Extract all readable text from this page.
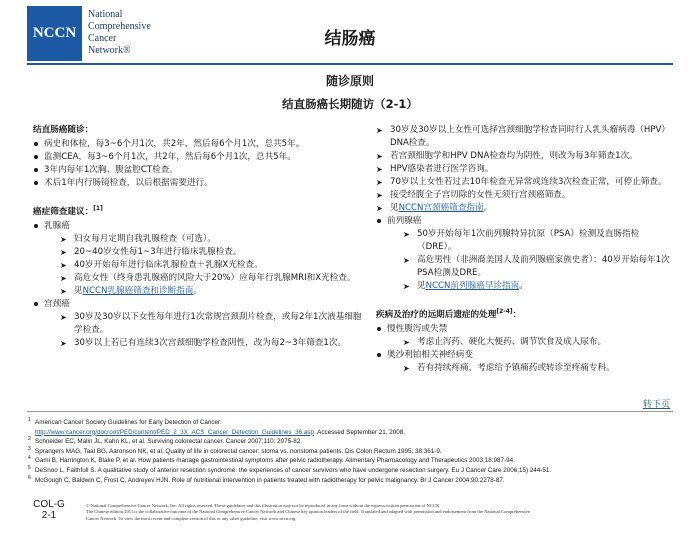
NCCN
National
Comprehensive
Cancer
Network®
结肠癌
随诊原则
结直肠癌长期随访（2-1）
结直肠癌随诊：
病史和体检，每3~6个月1次，共2年，然后每6个月1次，总共5年。
监测CEA，每3~6个月1次，共2年，然后每6个月1次，总共5年。
3年内每年1次胸、腹盆腔CT检查。
术后1年内行肠镜检查，以后根据需要进行。
癌症筛查建议：[1]
乳腺癌
➤ 妇女每月定期自我乳腺检查（可选）。
➤ 20~40岁女性每1~3年进行临床乳腺检查。
➤ 40岁开始每年进行临床乳腺检查＋乳腺X光检查。
➤ 高危女性（终身患乳腺癌的风险大于20%）应每年行乳腺MRI和X光检查。
➤ 见NCCN乳腺癌筛查和诊断指南。
宫颈癌
➤ 30岁及30岁以下女性每年进行1次常规宫颈刮片检查，或每2年1次液基细胞学检查。
➤ 30岁以上若已有连续3次宫颈细胞学检查阴性，改为每2~3年筛查1次。
➤ 30岁及30岁以上女性可选择宫颈细胞学检查同时行人乳头瘤病毒（HPV）DNA检查。
➤ 若宫颈细胞学和HPV DNA检查均为阴性，则改为每3年筛查1次。
➤ HPV感染者进行医学咨询。
➤ 70岁以上女性若过去10年检查无异常或连续3次检查正常，可停止筛查。
➤ 接受经腹全子宫切除的女性无须行宫颈癌筛查。
➤ 见NCCN宫颈癌筛查指南。
前列腺癌
➤ 50岁开始每年1次前列腺特异抗原（PSA）检测及直肠指检（DRE）。
➤ 高危男性（非洲裔美国人及前列腺癌家族史者）：40岁开始每年1次PSA检测及DRE。
➤ 见NCCN前列腺癌早诊指南。
疾病及治疗的远期后遗症的处理[2-4]：
慢性腹泻或失禁
➤ 考虑止泻药、硬化大便药、调节饮食及成人尿布。
奥沙利铂相关神经病变
➤ 若有持续疼痛，考虑给予镇痛药或转诊至疼痛专科。
转下页
1 American Cancer Society Guidelines for Early Detection of Cancer:
http://www.cancer.org/docroot/PED/content/PED_2_3X_ACS_Cancer_Detection_Guidelines_36.asp. Accessed September 21, 2008.
2 Schneider EC, Malin JL, Kahn KL, et al. Surviving colorectal cancer. Cancer 2007;110: 2075-82.
3 Sprangers MAG, Taal BG, Aaronson NK, et al. Quality of life in colorectal cancer: stoma vs. nonstoma patients. Dis Colon Rectum 1995; 38:361-9.
4 Gami B, Harrington K, Blake P, et al. How patients manage gastrointestinal symptoms after pelvic radiotherapy. Alimentary Pharmacology and Therapeutics 2003;18:987-94.
5 DeSnoo L, Faithfull S. A qualitative study of anterior resection syndrome: the experiences of cancer survivors who have undergone resection surgery. Eu J Cancer Care 2006;15) 244-51.
6 McGough C, Baldwin C, Frost C, Andreyev HJN. Role of nutritional intervention in patients treated with radiotherapy for pelvic malignancy. Br J Cancer 2004;90:2278-87.
COL-G
2-1
© National Comprehensive Cancer Network, Inc. All rights reserved. These guidelines and this illustration may not be reproduced in any form without the express written permission of NCCN.
The Chinese edition 2011 is the collaborative outcome of the National Comprehensive Cancer Network and Chinese key opinion leaders of the field. Translated and adapted with permission and endorsement from the National Comprehensive
Cancer Network. To view the most recent and complete version of this or any other guideline, visit www.nccn.org.
